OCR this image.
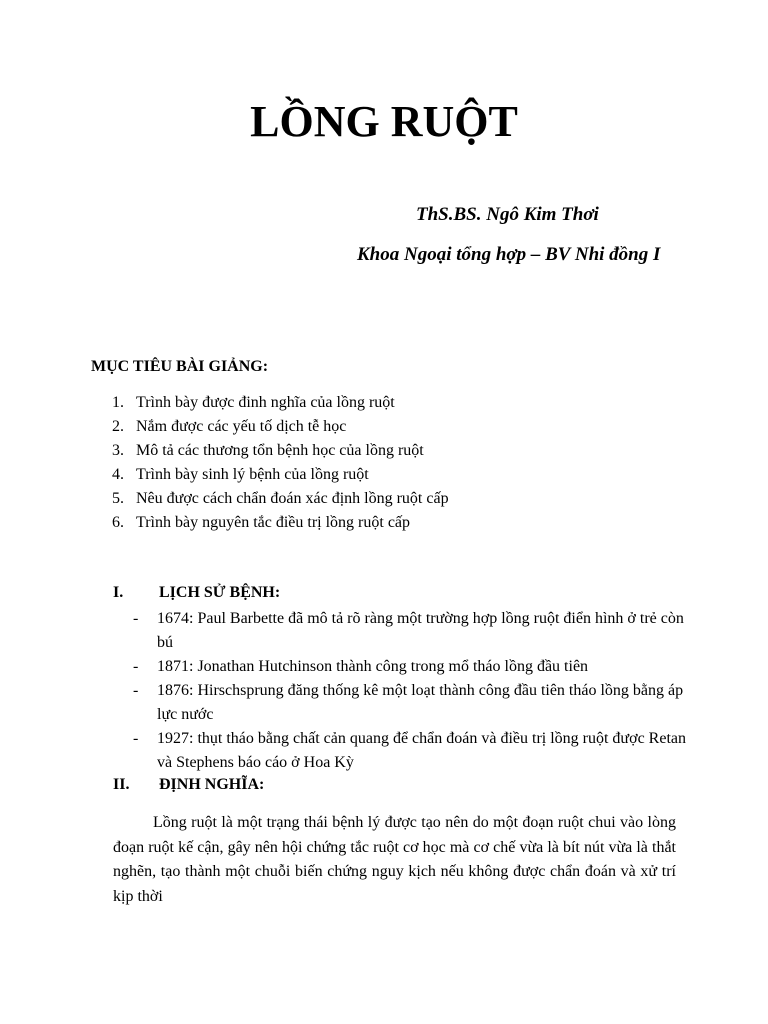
LỒNG RUỘT

ThS.BS. Ngô Kim Thơi

Khoa Ngoại tổng hợp – BV Nhi đồng I

MỤC TIÊU BÀI GIẢNG:

1. Trình bày được đinh nghĩa của lồng ruột
2. Nắm được các yếu tố dịch tễ học
3. Mô tả các thương tổn bệnh học của lồng ruột
4. Trình bày sinh lý bệnh của lồng ruột
5. Nêu được cách chẩn đoán xác định lồng ruột cấp
6. Trình bày nguyên tắc điều trị lồng ruột cấp
I. LỊCH SỬ BỆNH:
- 1674: Paul Barbette đã mô tả rõ ràng một trường hợp lồng ruột điển hình ở trẻ còn bú
- 1871: Jonathan Hutchinson thành công trong mổ tháo lồng đầu tiên
- 1876: Hirschsprung đăng thống kê một loạt thành công đầu tiên tháo lồng bằng áp lực nước
- 1927: thụt tháo bằng chất cản quang để chẩn đoán và điều trị lồng ruột được Retan và Stephens báo cáo ở Hoa Kỳ
II. ĐỊNH NGHĨA:

Lồng ruột là một trạng thái bệnh lý được tạo nên do một đoạn ruột chui vào lòng đoạn ruột kế cận, gây nên hội chứng tắc ruột cơ học mà cơ chế vừa là bít nút vừa là thắt nghẽn, tạo thành một chuỗi biến chứng nguy kịch nếu không được chẩn đoán và xử trí kịp thời
